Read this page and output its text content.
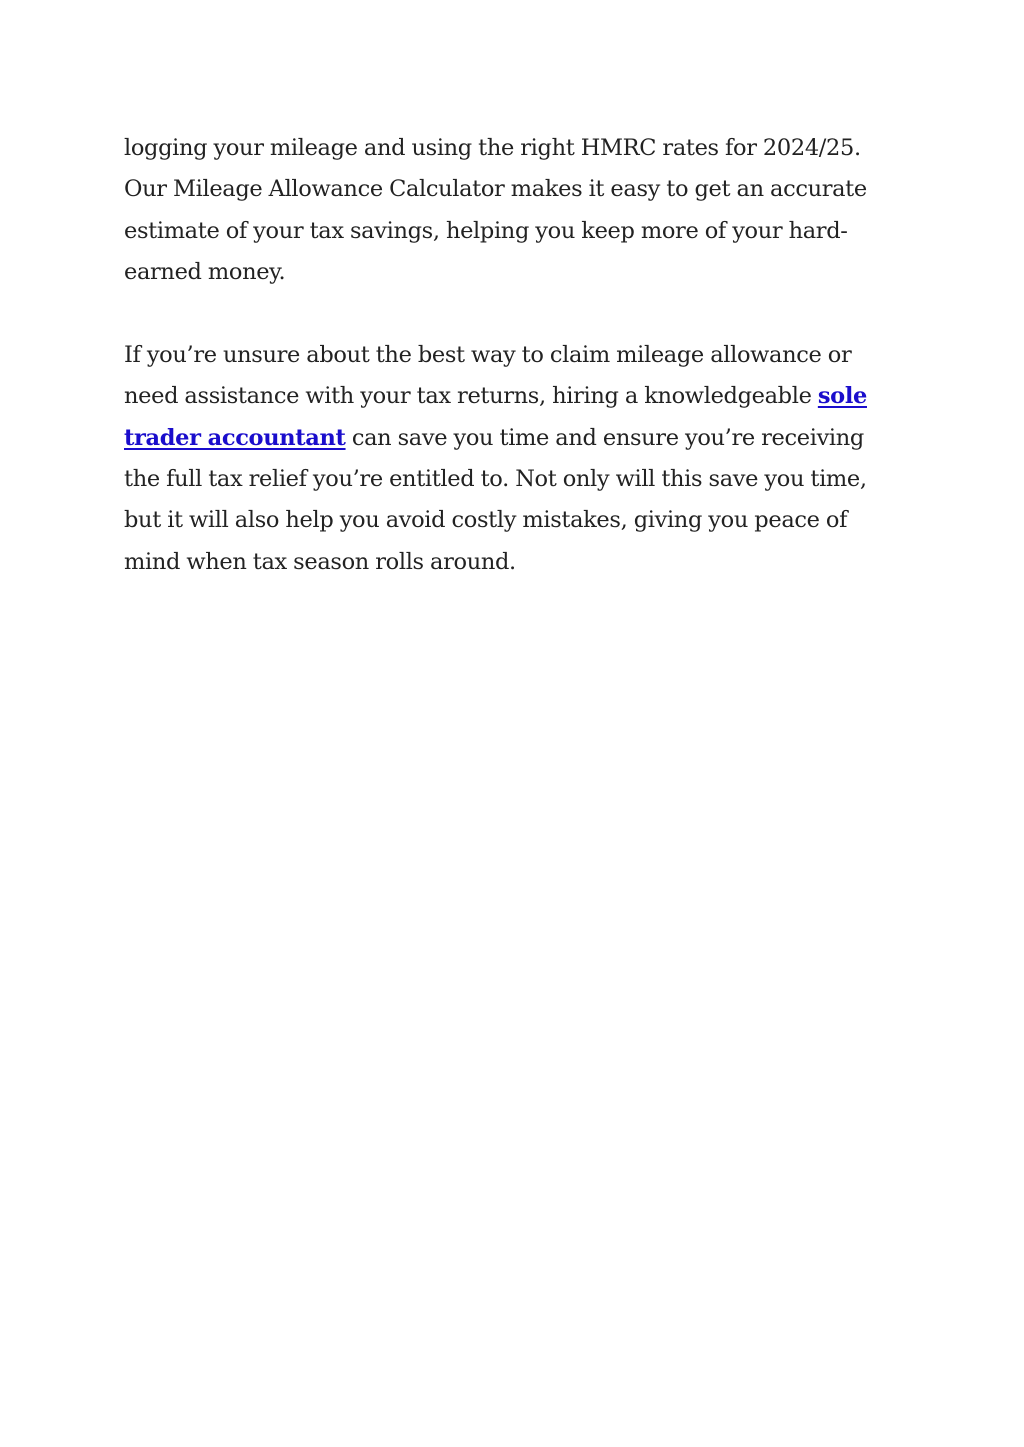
logging your mileage and using the right HMRC rates for 2024/25. Our Mileage Allowance Calculator makes it easy to get an accurate estimate of your tax savings, helping you keep more of your hard-earned money.

If you’re unsure about the best way to claim mileage allowance or need assistance with your tax returns, hiring a knowledgeable sole trader accountant can save you time and ensure you’re receiving the full tax relief you’re entitled to. Not only will this save you time, but it will also help you avoid costly mistakes, giving you peace of mind when tax season rolls around.
